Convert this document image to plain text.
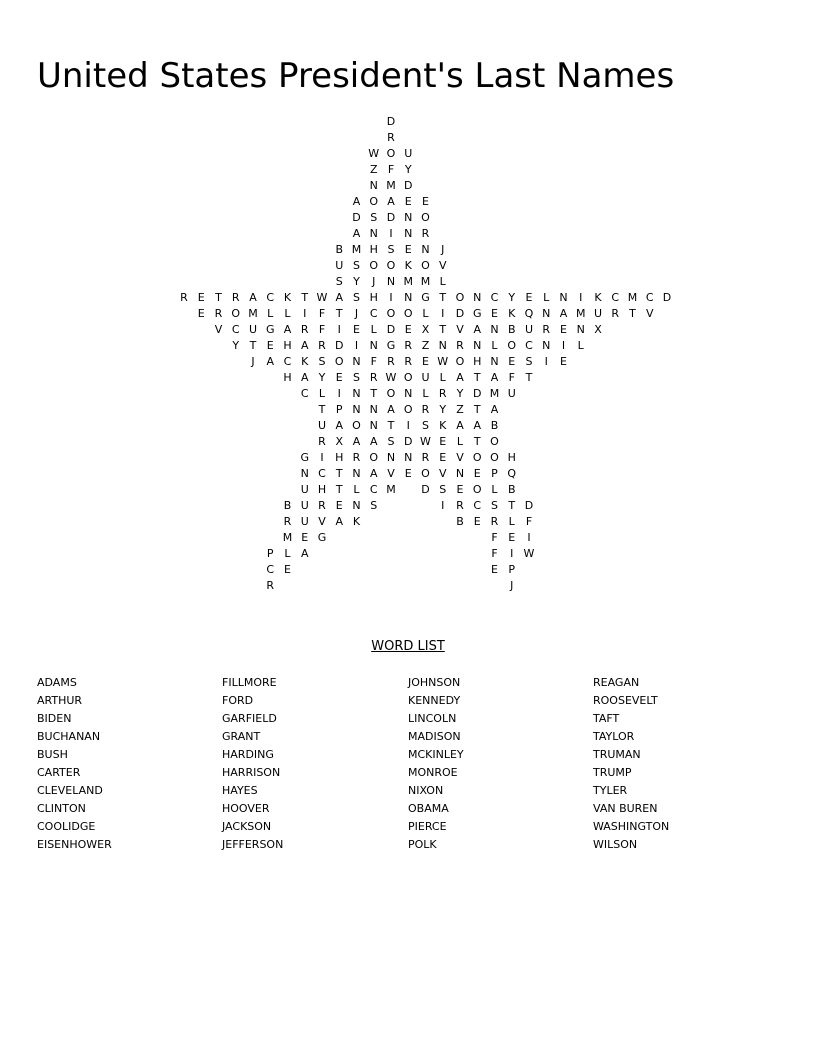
United States President's Last Names
D
R
W O U
Z F Y
N M D
A O A E E
D S D N O
A N	I	N R
B M H S E N	J
U S O O K O V
S Y	J	N M M L
R E T R A C K T W A S H	I	N G T O N C Y E L N	I	K C M C D
E R O M L	L	I	F T	J	C O O L	I	D G E K Q N A M U R T V
V C U G A R F	I	E L D E X T V A N B U R E N X
Y T E H A R D	I	N G R Z N R N L O C N	I	L
J	A C K S O N F R R E W O H N E S	I	E
H A Y E S R W O U L A T A F T
C L	I	N T O N L R Y D M U
T P N N A O R Y Z T A
U A O N T	I	S K A A B
R X A A S D W E L T O
G	I	H R O N N R E V O O H
N C T N A V E O V N E P Q
U H T L C M D S E O L B
B U R E N S	I	R C S T D
R U V A K	B E R L	F
M E G	F E	I
P L A	F	I W
C E	E P
R	J
WORD LIST
ADAMS
ARTHUR
BIDEN
BUCHANAN
BUSH
CARTER
CLEVELAND
CLINTON
COOLIDGE
EISENHOWER
FILLMORE
FORD
GARFIELD
GRANT
HARDING
HARRISON
HAYES
HOOVER
JACKSON
JEFFERSON
JOHNSON
KENNEDY
LINCOLN
MADISON
MCKINLEY
MONROE
NIXON
OBAMA
PIERCE
POLK
REAGAN
ROOSEVELT
TAFT
TAYLOR
TRUMAN
TRUMP
TYLER
VAN BUREN
WASHINGTON
WILSON
